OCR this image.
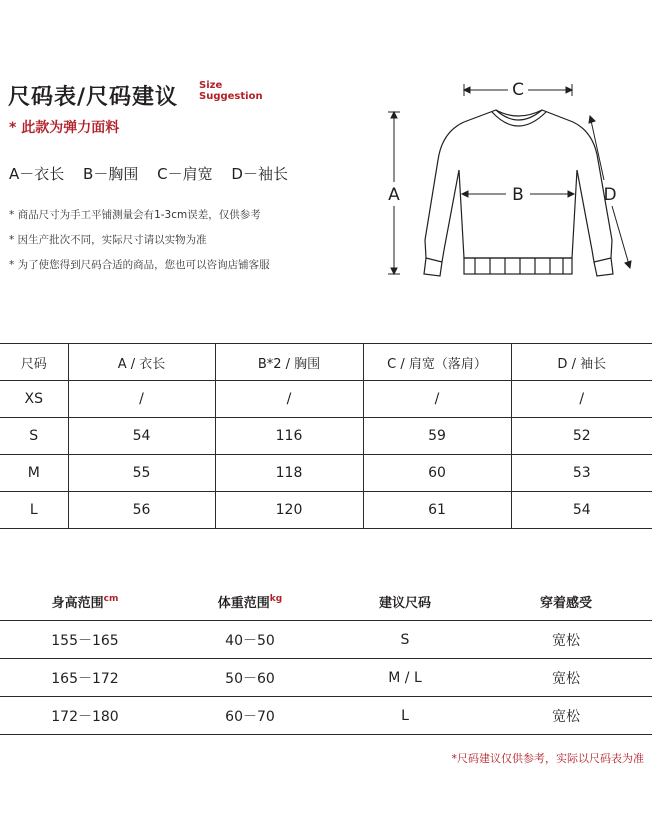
尺码表/尺码建议 Size
Suggestion
* 此款为弹力面料
A－衣长 B－胸围 C－肩宽 D－袖长
* 商品尺寸为手工平铺测量会有1-3cm误差，仅供参考
* 因生产批次不同，实际尺寸请以实物为准
* 为了使您得到尺码合适的商品，您也可以咨询店铺客服
C
B
A	D
尺码	A / 衣长	B*2 / 胸围	C / 肩宽（落肩）	D / 袖长
XS	/	/	/	/
S	54	116	59	52
M	55	118	60	53
L	56	120	61	54
身高范围$^{cm}$	体重范围$^{kg}$	建议尺码	穿着感受
155－165	40－50	S	宽松
165－172	50－60	M / L	宽松
172－180	60－70	L	宽松
*尺码建议仅供参考，实际以尺码表为准
